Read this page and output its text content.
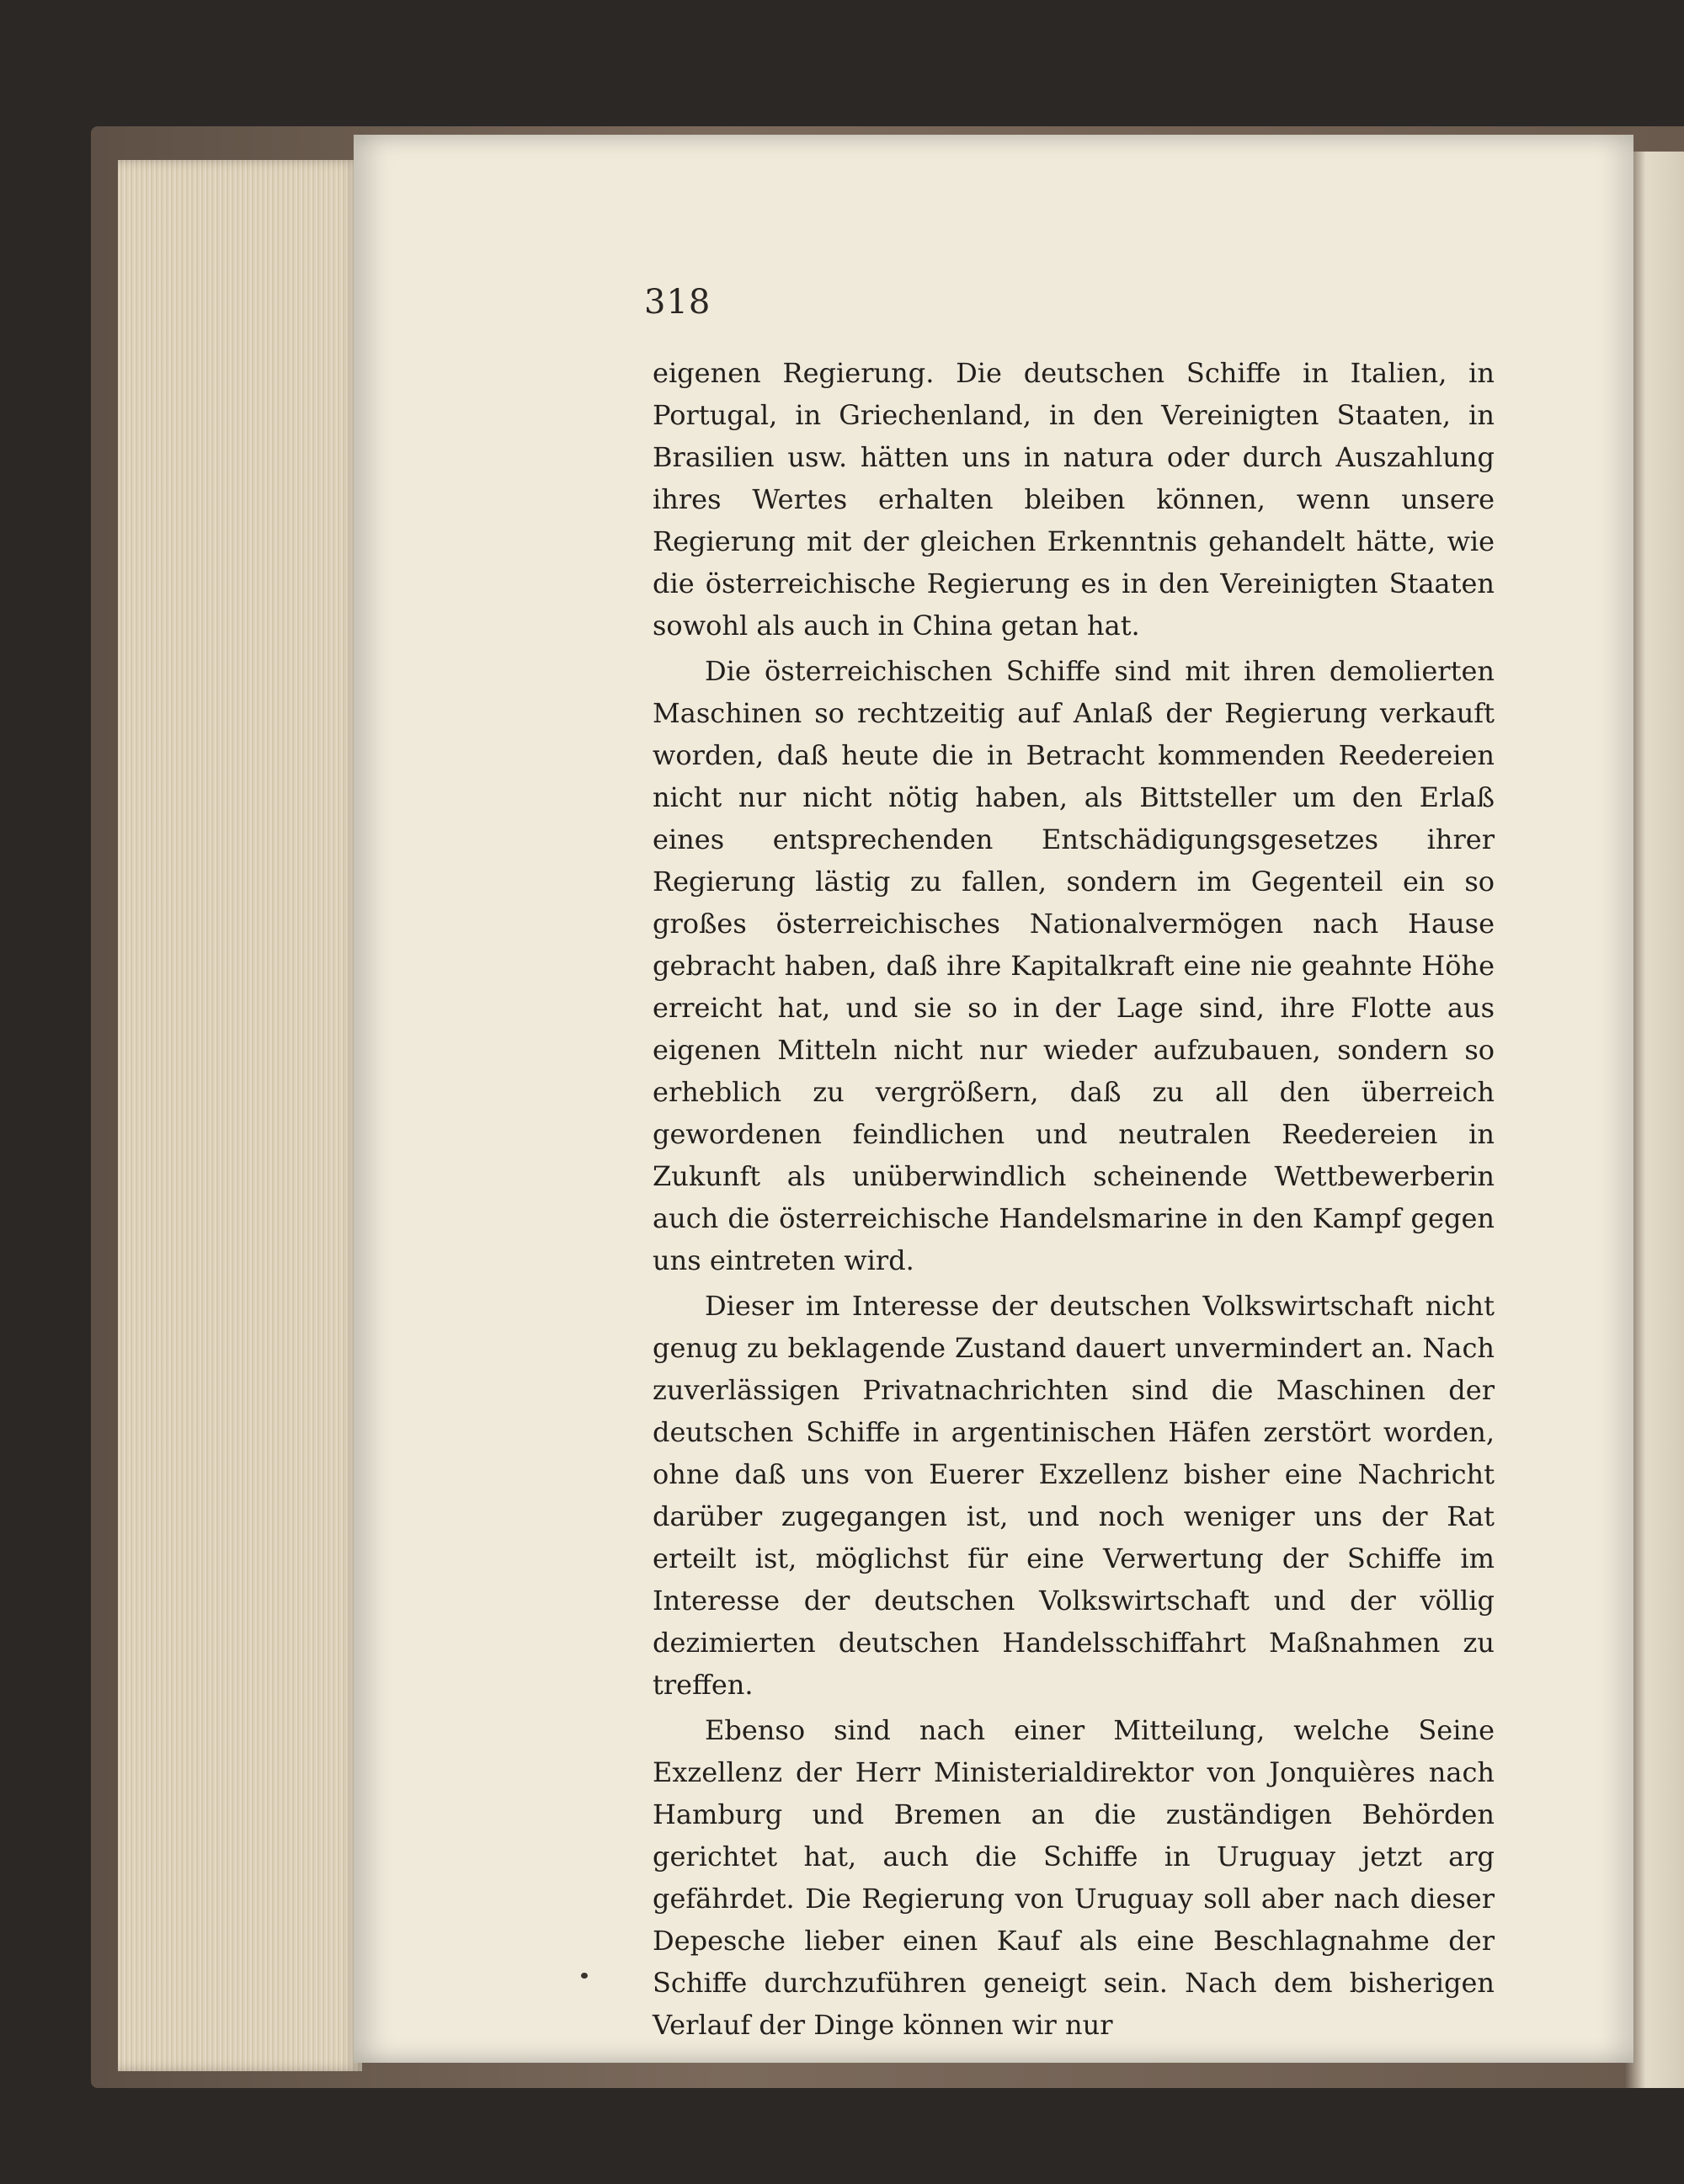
318

eigenen Regierung. Die deutschen Schiffe in Italien, in Portugal, in Griechenland, in den Vereinigten Staaten, in Brasilien usw. hätten uns in natura oder durch Auszahlung ihres Wertes erhalten bleiben können, wenn unsere Regierung mit der gleichen Erkenntnis gehandelt hätte, wie die österreichische Regierung es in den Vereinigten Staaten sowohl als auch in China getan hat.

Die österreichischen Schiffe sind mit ihren demolierten Maschinen so rechtzeitig auf Anlaß der Regierung verkauft worden, daß heute die in Betracht kommenden Reedereien nicht nur nicht nötig haben, als Bittsteller um den Erlaß eines entsprechenden Entschädigungsgesetzes ihrer Regierung lästig zu fallen, sondern im Gegenteil ein so großes österreichisches Nationalvermögen nach Hause gebracht haben, daß ihre Kapitalkraft eine nie geahnte Höhe erreicht hat, und sie so in der Lage sind, ihre Flotte aus eigenen Mitteln nicht nur wieder aufzubauen, sondern so erheblich zu vergrößern, daß zu all den überreich gewordenen feindlichen und neutralen Reedereien in Zukunft als unüberwindlich scheinende Wettbewerberin auch die österreichische Handelsmarine in den Kampf gegen uns eintreten wird.

Dieser im Interesse der deutschen Volkswirtschaft nicht genug zu beklagende Zustand dauert unvermindert an. Nach zuverlässigen Privatnachrichten sind die Maschinen der deutschen Schiffe in argentinischen Häfen zerstört worden, ohne daß uns von Euerer Exzellenz bisher eine Nachricht darüber zugegangen ist, und noch weniger uns der Rat erteilt ist, möglichst für eine Verwertung der Schiffe im Interesse der deutschen Volkswirtschaft und der völlig dezimierten deutschen Handelsschiffahrt Maßnahmen zu treffen.

Ebenso sind nach einer Mitteilung, welche Seine Exzellenz der Herr Ministerialdirektor von Jonquières nach Hamburg und Bremen an die zuständigen Behörden gerichtet hat, auch die Schiffe in Uruguay jetzt arg gefährdet. Die Regierung von Uruguay soll aber nach dieser Depesche lieber einen Kauf als eine Beschlagnahme der Schiffe durchzuführen geneigt sein. Nach dem bisherigen Verlauf der Dinge können wir nur
